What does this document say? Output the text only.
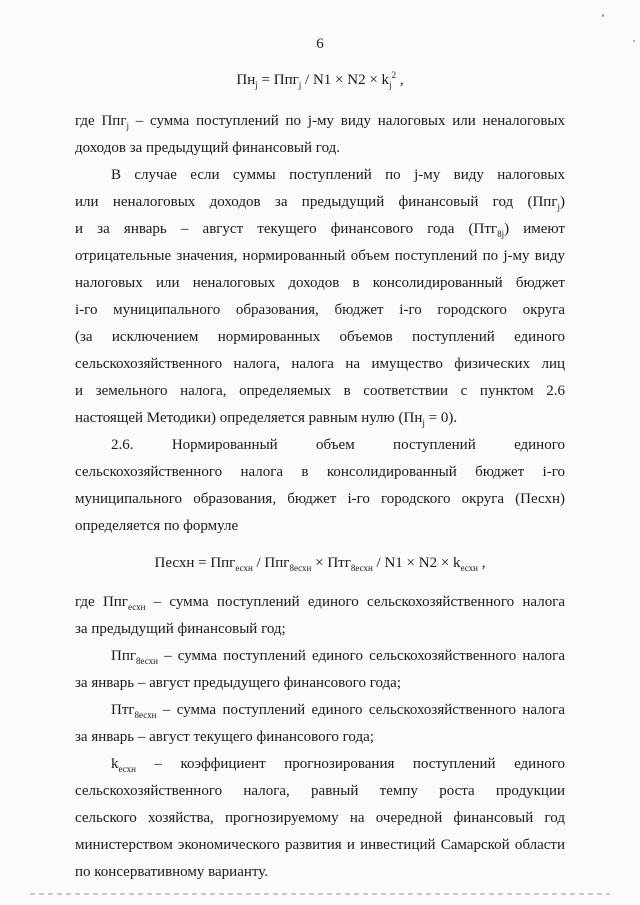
6
$Пн_j = Ппг_j / N1 \times N2 \times k_j^2$ ,
где Ппг$_j$ – сумма поступлений по j-му виду налоговых или неналоговых
доходов за предыдущий финансовый год.
В случае если суммы поступлений по j-му виду налоговых
или неналоговых доходов за предыдущий финансовый год (Ппг$_j$)
и за январь – август текущего финансового года (Птг$_{8j}$) имеют
отрицательные значения, нормированный объем поступлений по j-му виду
налоговых или неналоговых доходов в консолидированный бюджет
i-го муниципального образования, бюджет i-го городского округа
(за исключением нормированных объемов поступлений единого
сельскохозяйственного налога, налога на имущество физических лиц
и земельного налога, определяемых в соответствии с пунктом 2.6
настоящей Методики) определяется равным нулю $(Пн_j = 0)$.
2.6. Нормированный объем поступлений единого
сельскохозяйственного налога в консолидированный бюджет i-го
муниципального образования, бюджет i-го городского округа (Песхн)
определяется по формуле
Песхн = $Ппг_{есхн} / Ппг_{8есхн} \times Птг_{8есхн} / N1 \times N2 \times k_{есхн}$ ,
где Ппг$_{есхн}$ – сумма поступлений единого сельскохозяйственного налога
за предыдущий финансовый год;
Ппг$_{8есхн}$ – сумма поступлений единого сельскохозяйственного налога
за январь – август предыдущего финансового года;
Птг$_{8есхн}$ – сумма поступлений единого сельскохозяйственного налога
за январь – август текущего финансового года;
$k_{есхн}$ – коэффициент прогнозирования поступлений единого
сельскохозяйственного налога, равный темпу роста продукции
сельского хозяйства, прогнозируемому на очередной финансовый год
министерством экономического развития и инвестиций Самарской области
по консервативному варианту.
